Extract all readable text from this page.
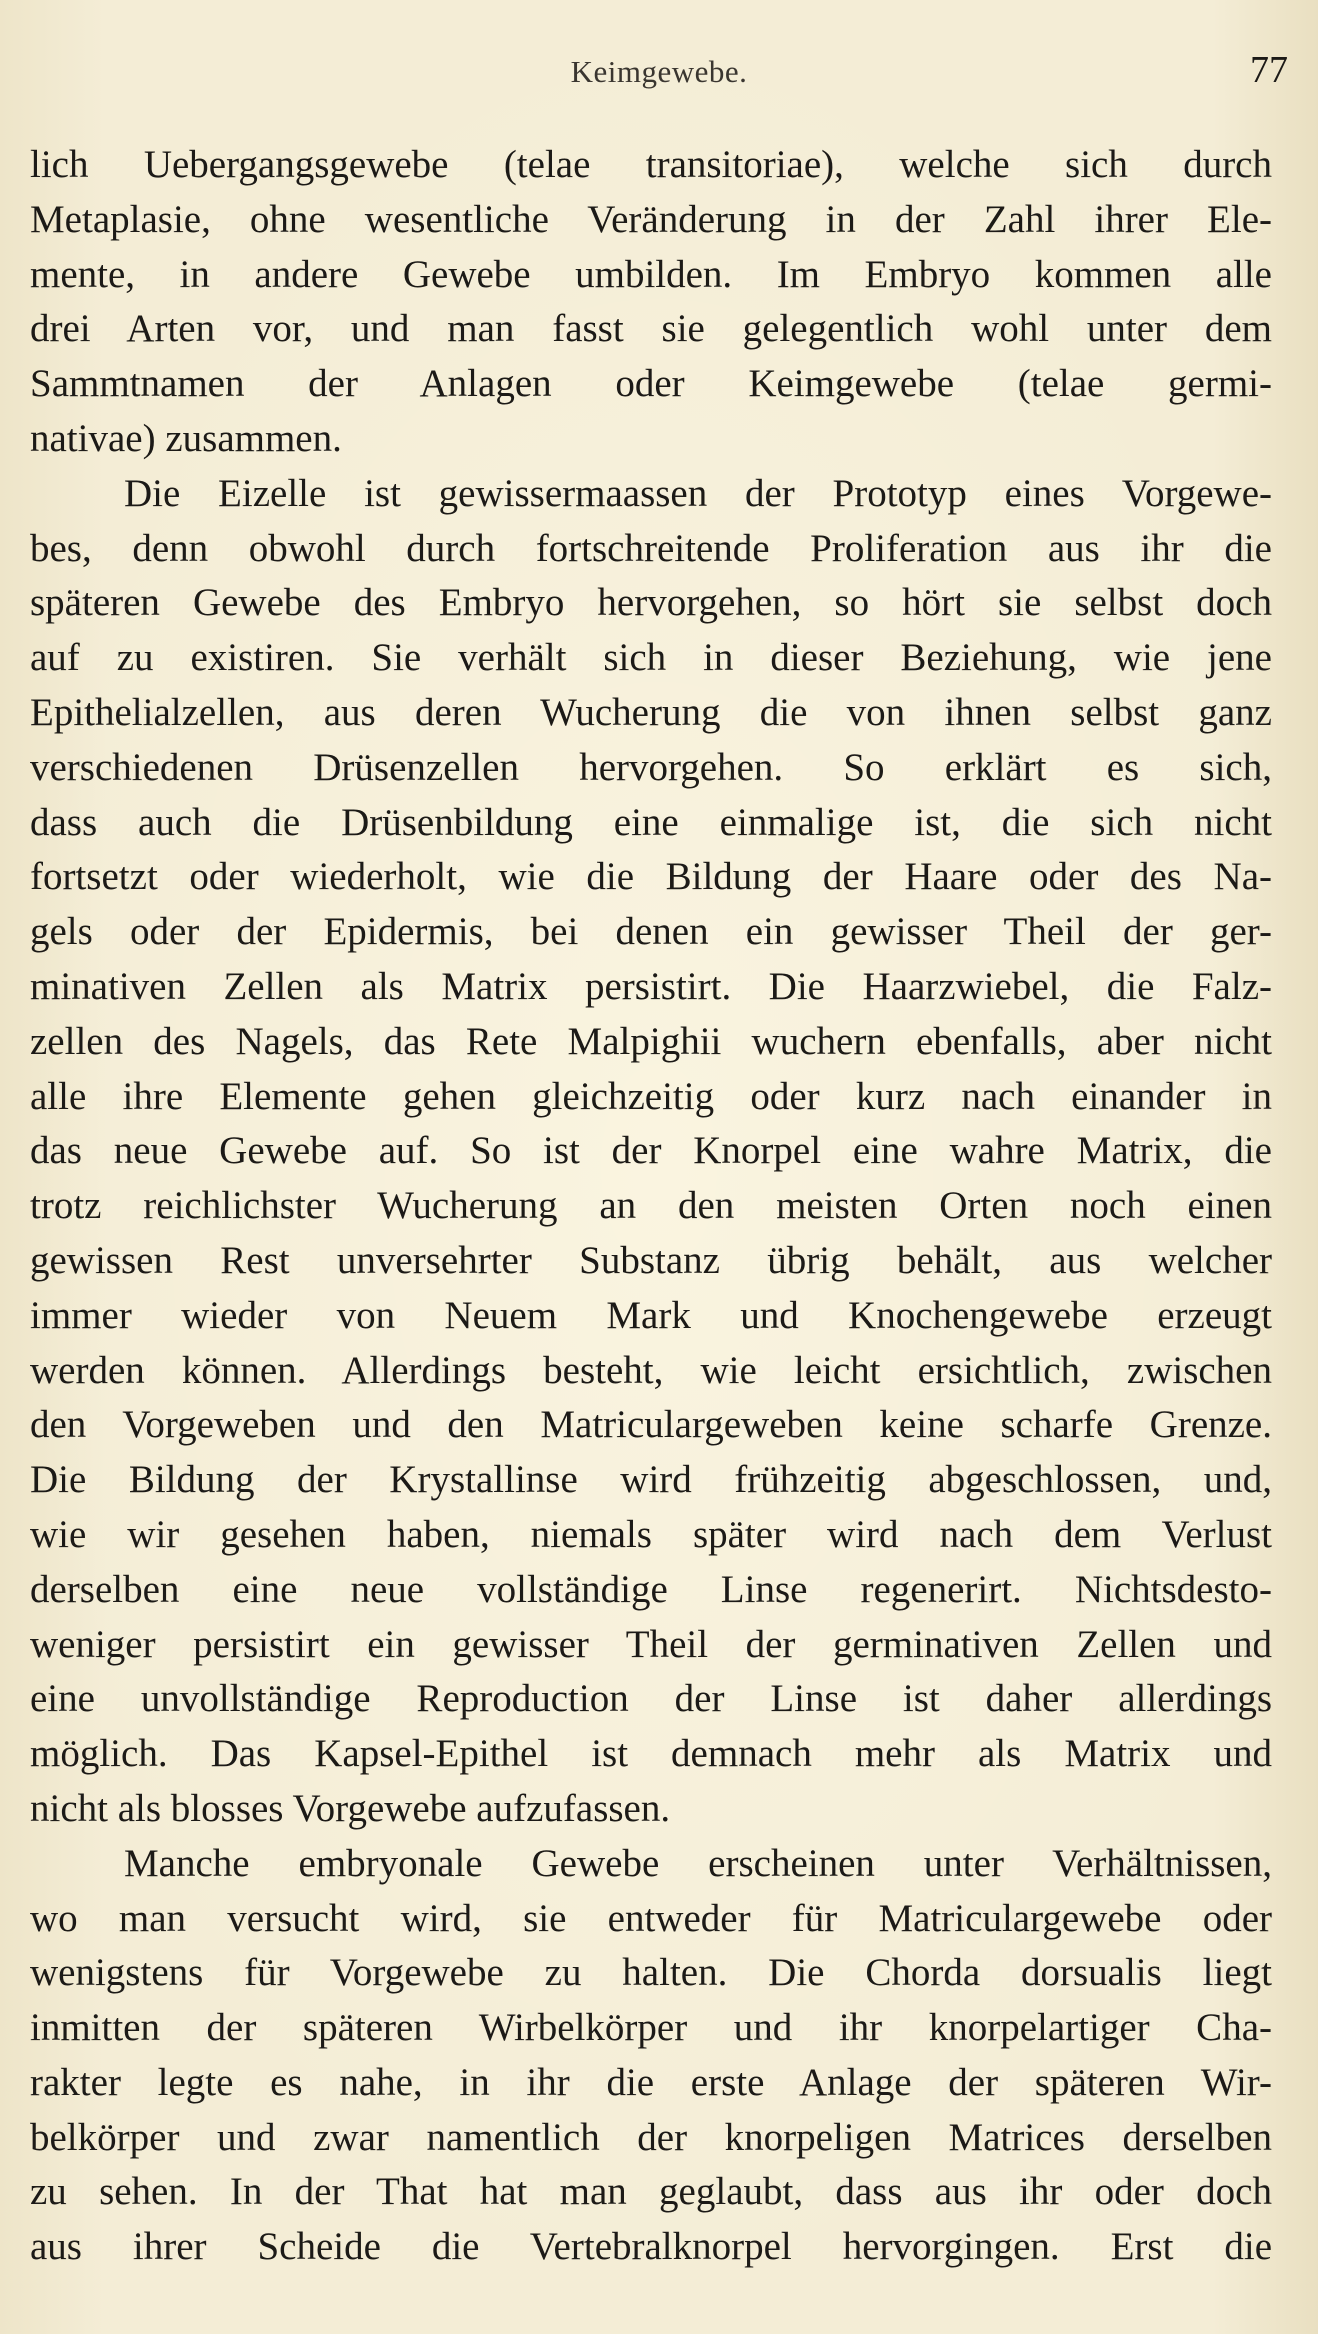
Keimgewebe.	77
lich Uebergangsgewebe (telae transitoriae), welche sich durch
Metaplasie, ohne wesentliche Veränderung in der Zahl ihrer Ele-
mente, in andere Gewebe umbilden. Im Embryo kommen alle
drei Arten vor, und man fasst sie gelegentlich wohl unter dem
Sammtnamen der Anlagen oder Keimgewebe (telae germi-
nativae) zusammen.
Die Eizelle ist gewissermaassen der Prototyp eines Vorgewe-
bes, denn obwohl durch fortschreitende Proliferation aus ihr die
späteren Gewebe des Embryo hervorgehen, so hört sie selbst doch
auf zu existiren. Sie verhält sich in dieser Beziehung, wie jene
Epithelialzellen, aus deren Wucherung die von ihnen selbst ganz
verschiedenen Drüsenzellen hervorgehen. So erklärt es sich,
dass auch die Drüsenbildung eine einmalige ist, die sich nicht
fortsetzt oder wiederholt, wie die Bildung der Haare oder des Na-
gels oder der Epidermis, bei denen ein gewisser Theil der ger-
minativen Zellen als Matrix persistirt. Die Haarzwiebel, die Falz-
zellen des Nagels, das Rete Malpighii wuchern ebenfalls, aber nicht
alle ihre Elemente gehen gleichzeitig oder kurz nach einander in
das neue Gewebe auf. So ist der Knorpel eine wahre Matrix, die
trotz reichlichster Wucherung an den meisten Orten noch einen
gewissen Rest unversehrter Substanz übrig behält, aus welcher
immer wieder von Neuem Mark und Knochengewebe erzeugt
werden können. Allerdings besteht, wie leicht ersichtlich, zwischen
den Vorgeweben und den Matriculargeweben keine scharfe Grenze.
Die Bildung der Krystallinse wird frühzeitig abgeschlossen, und,
wie wir gesehen haben, niemals später wird nach dem Verlust
derselben eine neue vollständige Linse regenerirt. Nichtsdesto-
weniger persistirt ein gewisser Theil der germinativen Zellen und
eine unvollständige Reproduction der Linse ist daher allerdings
möglich. Das Kapsel-Epithel ist demnach mehr als Matrix und
nicht als blosses Vorgewebe aufzufassen.
Manche embryonale Gewebe erscheinen unter Verhältnissen,
wo man versucht wird, sie entweder für Matriculargewebe oder
wenigstens für Vorgewebe zu halten. Die Chorda dorsualis liegt
inmitten der späteren Wirbelkörper und ihr knorpelartiger Cha-
rakter legte es nahe, in ihr die erste Anlage der späteren Wir-
belkörper und zwar namentlich der knorpeligen Matrices derselben
zu sehen. In der That hat man geglaubt, dass aus ihr oder doch
aus ihrer Scheide die Vertebralknorpel hervorgingen. Erst die
